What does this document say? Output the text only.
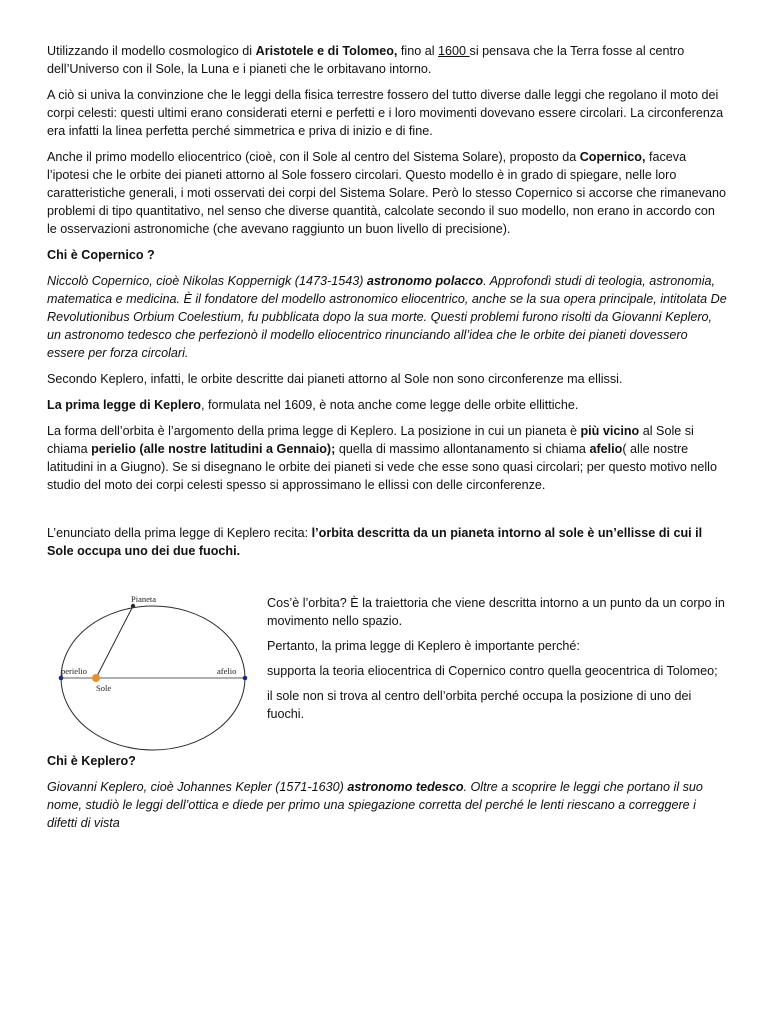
Utilizzando il modello cosmologico di Aristotele e di Tolomeo, fino al 1600 si pensava che la Terra fosse al centro dell’Universo con il Sole, la Luna e i pianeti che le orbitavano intorno.

A ciò si univa la convinzione che le leggi della fisica terrestre fossero del tutto diverse dalle leggi che regolano il moto dei corpi celesti: questi ultimi erano considerati eterni e perfetti e i loro movimenti dovevano essere circolari. La circonferenza era infatti la linea perfetta perché simmetrica e priva di inizio e di fine.

Anche il primo modello eliocentrico (cioè, con il Sole al centro del Sistema Solare), proposto da Copernico, faceva l’ipotesi che le orbite dei pianeti attorno al Sole fossero circolari. Questo modello è in grado di spiegare, nelle loro caratteristiche generali, i moti osservati dei corpi del Sistema Solare. Però lo stesso Copernico si accorse che rimanevano problemi di tipo quantitativo, nel senso che diverse quantità, calcolate secondo il suo modello, non erano in accordo con le osservazioni astronomiche (che avevano raggiunto un buon livello di precisione).

Chi è Copernico ?

Niccolò Copernico, cioè Nikolas Koppernigk (1473-1543) astronomo polacco. Approfondì studi di teologia, astronomia, matematica e medicina. È il fondatore del modello astronomico eliocentrico, anche se la sua opera principale, intitolata De Revolutionibus Orbium Coelestium, fu pubblicata dopo la sua morte. Questi problemi furono risolti da Giovanni Keplero, un astronomo tedesco che perfezionò il modello eliocentrico rinunciando all’idea che le orbite dei pianeti dovessero essere per forza circolari.

Secondo Keplero, infatti, le orbite descritte dai pianeti attorno al Sole non sono circonferenze ma ellissi.

La prima legge di Keplero, formulata nel 1609, è nota anche come legge delle orbite ellittiche.

La forma dell’orbita è l’argomento della prima legge di Keplero. La posizione in cui un pianeta è più vicino al Sole si chiama perielio (alle nostre latitudini a Gennaio); quella di massimo allontanamento si chiama afelio( alle nostre latitudini in a Giugno). Se si disegnano le orbite dei pianeti si vede che esse sono quasi circolari; per questo motivo nello studio del moto dei corpi celesti spesso si approssimano le ellissi con delle circonferenze.

L’enunciato della prima legge di Keplero recita: l’orbita descritta da un pianeta intorno al sole è un’ellisse di cui il Sole occupa uno dei due fuochi.

Pianeta
perielio	afelio
Sole

Cos’è l’orbita? È la traiettoria che viene descritta intorno a un punto da un corpo in movimento nello spazio.

Pertanto, la prima legge di Keplero è importante perché:

supporta la teoria eliocentrica di Copernico contro quella geocentrica di Tolomeo;

il sole non si trova al centro dell’orbita perché occupa la posizione di uno dei fuochi.

Chi è Keplero?

Giovanni Keplero, cioè Johannes Kepler (1571-1630) astronomo tedesco. Oltre a scoprire le leggi che portano il suo nome, studiò le leggi dell’ottica e diede per primo una spiegazione corretta del perché le lenti riescano a correggere i difetti di vista
